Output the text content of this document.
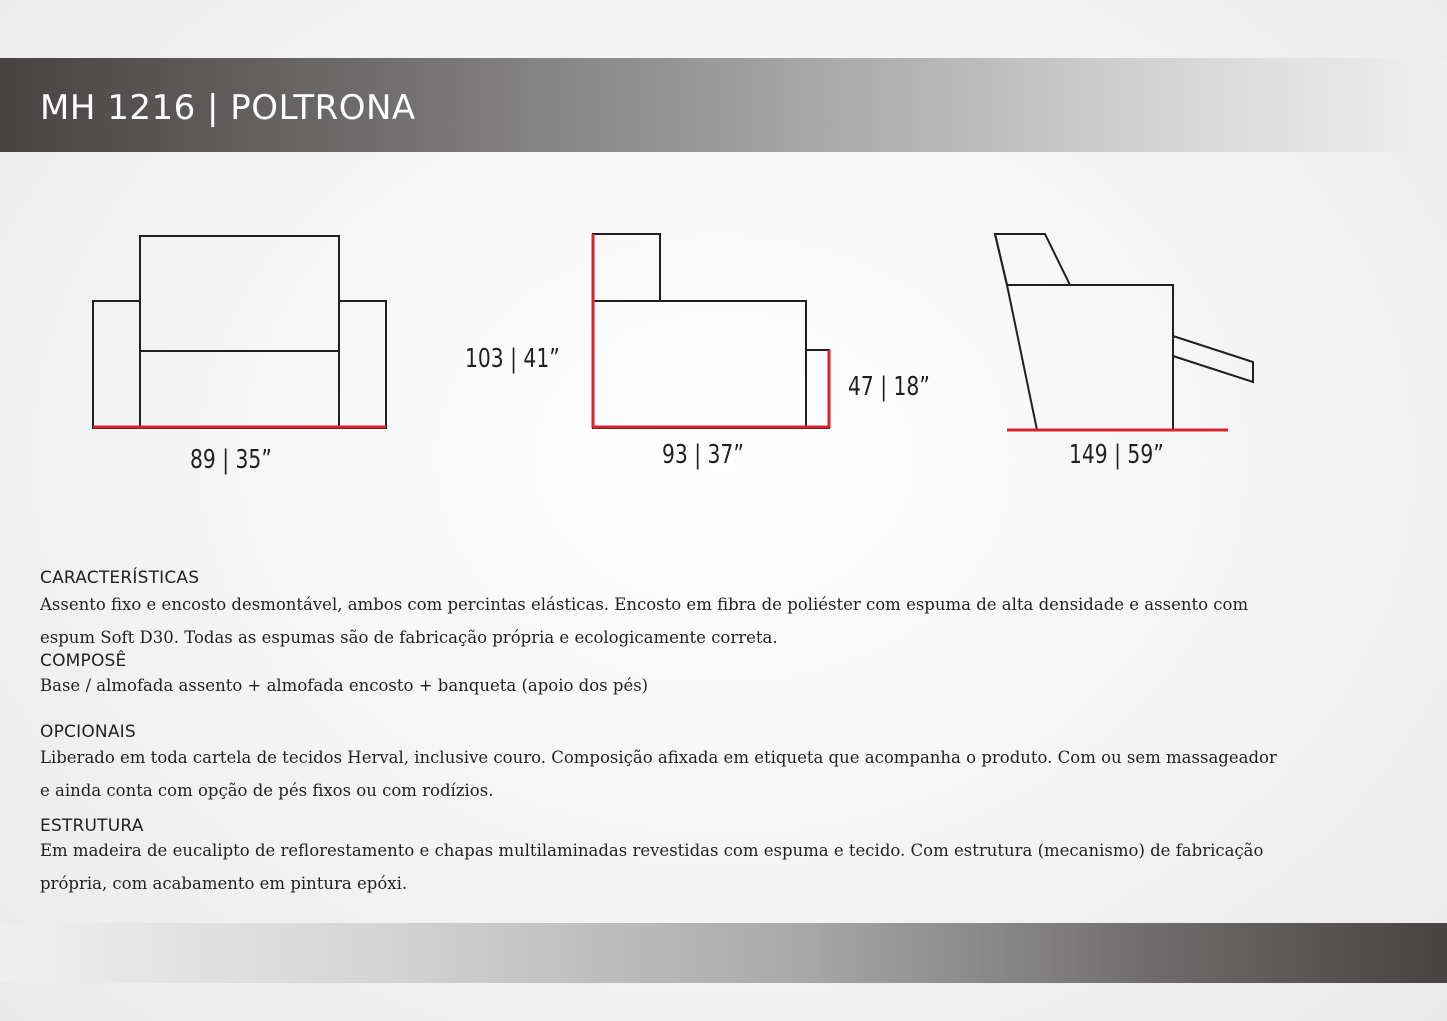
MH 1216 | POLTRONA
89 | 35”
103 | 41”
93 | 37”
47 | 18”
149 | 59”
CARACTERÍSTICAS

Assento fixo e encosto desmontável, ambos com percintas elásticas. Encosto em fibra de poliéster com espuma de alta densidade e assento com

espum Soft D30. Todas as espumas são de fabricação própria e ecologicamente correta.

COMPOSÊ

Base / almofada assento + almofada encosto + banqueta (apoio dos pés)

OPCIONAIS

Liberado em toda cartela de tecidos Herval, inclusive couro. Composição afixada em etiqueta que acompanha o produto. Com ou sem massageador

e ainda conta com opção de pés fixos ou com rodízios.

ESTRUTURA

Em madeira de eucalipto de reflorestamento e chapas multilaminadas revestidas com espuma e tecido. Com estrutura (mecanismo) de fabricação

própria, com acabamento em pintura epóxi.
